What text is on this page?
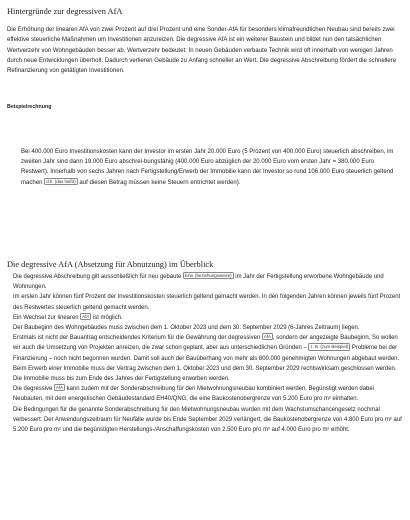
Hintergründe zur degressiven AfA
Die Erhöhung der linearen AfA von zwei Prozent auf drei Prozent und eine Sonder-AfA für besonders klimafreundlichen Neubau sind bereits zwei effektive steuerliche Maßnahmen um Investitionen anzureizen. Die degressive AfA ist ein weiterer Baustein und bildet nun den tatsächlichen Wertverzehr von Wohngebäuden besser ab. Wertverzehr bedeutet: In neuen Gebäuden verbaute Technik wird oft innerhalb von wenigen Jahren durch neue Entwicklungen überholt. Dadurch verlieren Gebäude zu Anfang schneller an Wert. Die degressive Abschreibung fördert die schnellere Refinanzierung von getätigten Investitionen.
Beispielrechnung
Bei 400.000 Euro Investitionskosten kann der Investor im ersten Jahr 20.000 Euro (5 Prozent von 400.000 Euro) steuerlich abschreiben, im zweiten Jahr sind dann 19.000 Euro abschrei-bungsfähig (400.000 Euro abzüglich der 20.000 Euro vom ersten Jahr = 380.000 Euro Restwert). Innerhalb von sechs Jahren nach Fertigstellung/Erwerb der Immobilie kann der Investor so rund 106.000 Euro steuerlich geltend machen d.h. (das heißt) auf diesen Betrag müssen keine Steuern entrichtet werden).
Die degressive AfA (Absetzung für Abnutzung) im Überblick

Die degressive Abschreibung gilt ausschließlich für neu gebaute bzw. (beziehungsweise) im Jahr der Fertigstellung erworbene Wohngebäude und Wohnungen.

Im ersten Jahr können fünf Prozent der Investitionskosten steuerlich geltend gemacht werden. In den folgenden Jahren können jeweils fünf Prozent des Restwertes steuerlich geltend gemacht werden.

Ein Wechsel zur linearen AfA ist möglich.

Der Baubeginn des Wohngebäudes muss zwischen dem 1. Oktober 2023 und dem 30. September 2029 (6-Jahres Zeitraum) liegen.

Erstmals ist nicht der Bauantrag entscheidendes Kriterium für die Gewährung der degressiven AfA , sondern der angezeigte Baubeginn. So wollen wir auch die Umsetzung von Projekten anreizen, die zwar schon geplant, aber aus unterschiedlichen Gründen – z. B. (zum Beispiel) Probleme bei der Finanzierung – noch nicht begonnen wurden. Damit soll auch der Bauüberhang von mehr als 800.000 genehmigten Wohnungen abgebaut werden.

Beim Erwerb einer Immobilie muss der Vertrag zwischen dem 1. Oktober 2023 und dem 30. September 2029 rechtswirksam geschlossen werden. Die Immobilie muss bis zum Ende des Jahres der Fertigstellung erworben werden.

Die degressive AfA kann zudem mit der Sonderabschreibung für den Mietwohnungsneubau kombiniert werden. Begünstigt werden dabei Neubauten, mit dem energetischen Gebäudestandard EH40/QNG, die eine Baukostenobergrenze von 5.200 Euro pro m² einhalten.

Die Bedingungen für die genannte Sonderabschreibung für den Mietwohnungsneubau wurden mit dem Wachstumschancengesetz nochmal verbessert: Der Anwendungszeitraum für Neufälle wurde bis Ende September 2029 verlängert, die Baukostenobergrenze von 4.800 Euro pro m² auf 5.200 Euro pro m² und die begünstigten Herstellungs-/Anschaffungskosten von 2.500 Euro pro m² auf 4.000 Euro pro m² erhöht.
